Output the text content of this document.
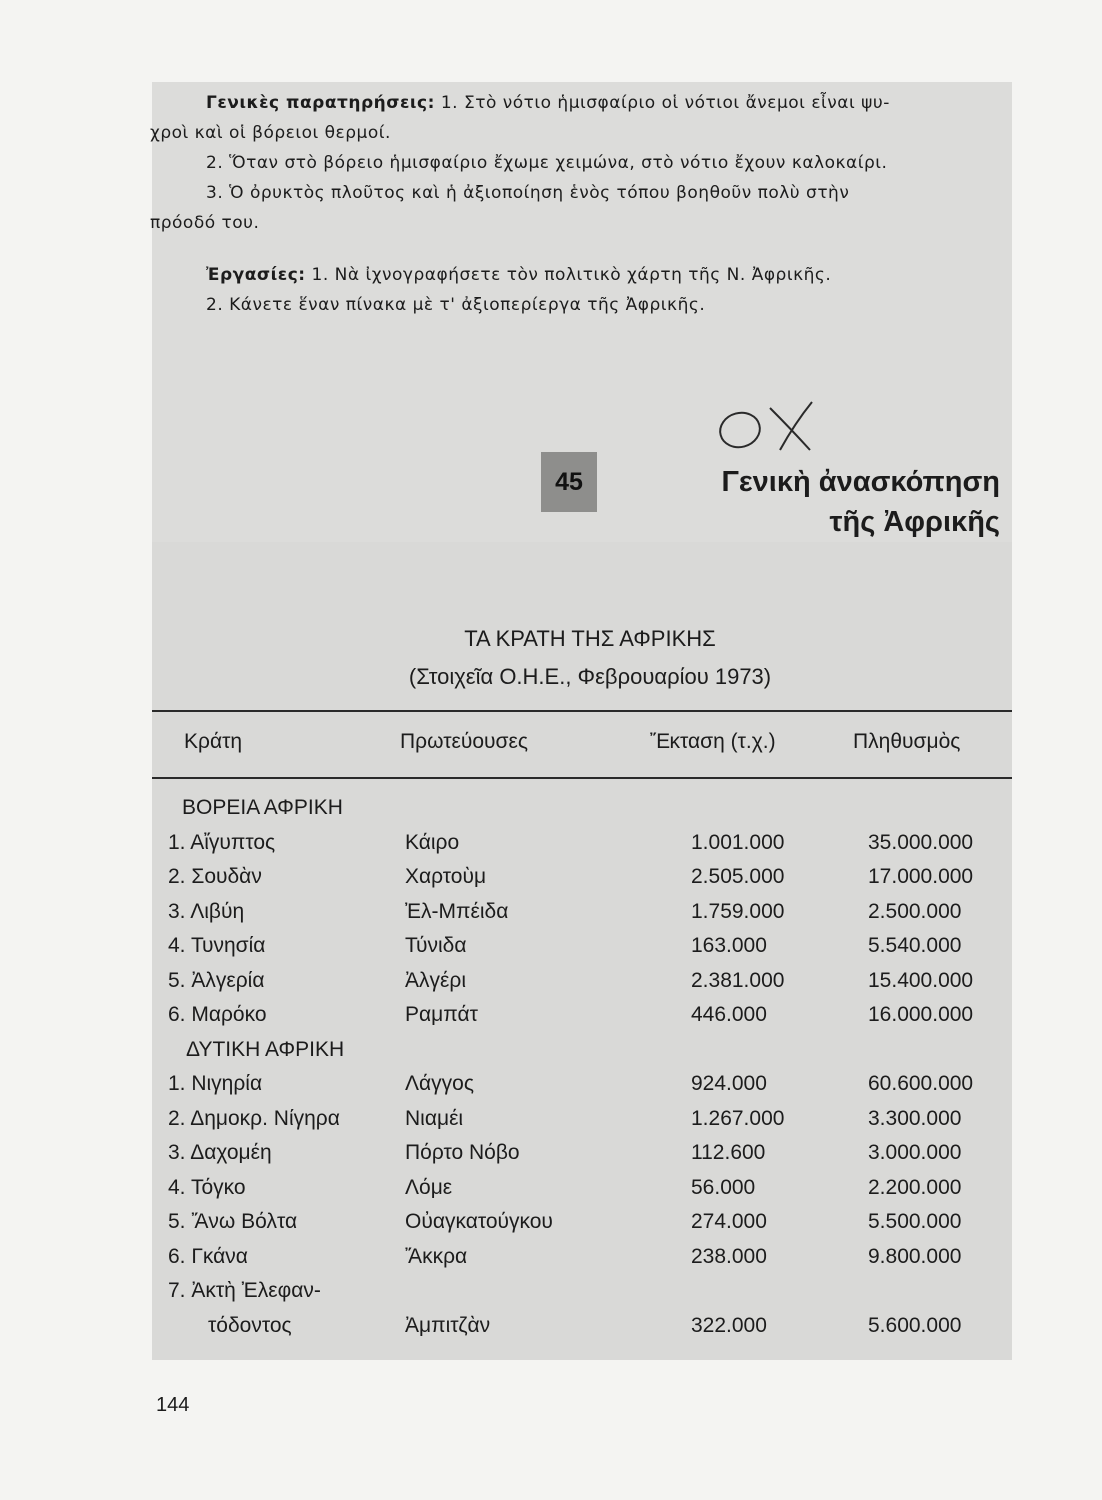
Γενικὲς παρατηρήσεις: 1. Στὸ νότιο ἡμισφαίριο οἱ νότιοι ἄνεμοι εἶναι ψυ-
χροὶ καὶ οἱ βόρειοι θερμοί.
2. Ὅταν στὸ βόρειο ἡμισφαίριο ἔχωμε χειμώνα, στὸ νότιο ἔχουν καλοκαίρι.
3. Ὁ ὀρυκτὸς πλοῦτος καὶ ἡ ἀξιοποίηση ἑνὸς τόπου βοηθοῦν πολὺ στὴν
πρόοδό του.
Ἐργασίες: 1. Νὰ ἰχνογραφήσετε τὸν πολιτικὸ χάρτη τῆς Ν. Ἀφρικῆς.
2. Κάνετε ἕναν πίνακα μὲ τ' ἀξιοπερίεργα τῆς Ἀφρικῆς.
45	Γενικὴ ἀνασκόπηση
τῆς Ἀφρικῆς
ΤΑ ΚΡΑΤΗ ΤΗΣ ΑΦΡΙΚΗΣ
(Στοιχεῖα Ο.Η.Ε., Φεβρουαρίου 1973)
Κράτη	Πρωτεύουσες	Ἔκταση (τ.χ.)	Πληθυσμὸς
ΒΟΡΕΙΑ ΑΦΡΙΚΗ
1. Αἴγυπτος	Κάιρο	1.001.000	35.000.000
2. Σουδὰν	Χαρτοὺμ	2.505.000	17.000.000
3. Λιβύη	Ἐλ-Μπέιδα	1.759.000	2.500.000
4. Τυνησία	Τύνιδα	163.000	5.540.000
5. Ἀλγερία	Ἀλγέρι	2.381.000	15.400.000
6. Μαρόκο	Ραμπάτ	446.000	16.000.000
ΔΥΤΙΚΗ ΑΦΡΙΚΗ
1. Νιγηρία	Λάγγος	924.000	60.600.000
2. Δημοκρ. Νίγηρα	Νιαμέι	1.267.000	3.300.000
3. Δαχομέη	Πόρτο Νόβο	112.600	3.000.000
4. Τόγκο	Λόμε	56.000	2.200.000
5. Ἄνω Βόλτα	Οὐαγκατούγκου	274.000	5.500.000
6. Γκάνα	Ἄκκρα	238.000	9.800.000
7. Ἀκτὴ Ἐλεφαν-
τόδοντος	Ἀμπιτζὰν	322.000	5.600.000
144
